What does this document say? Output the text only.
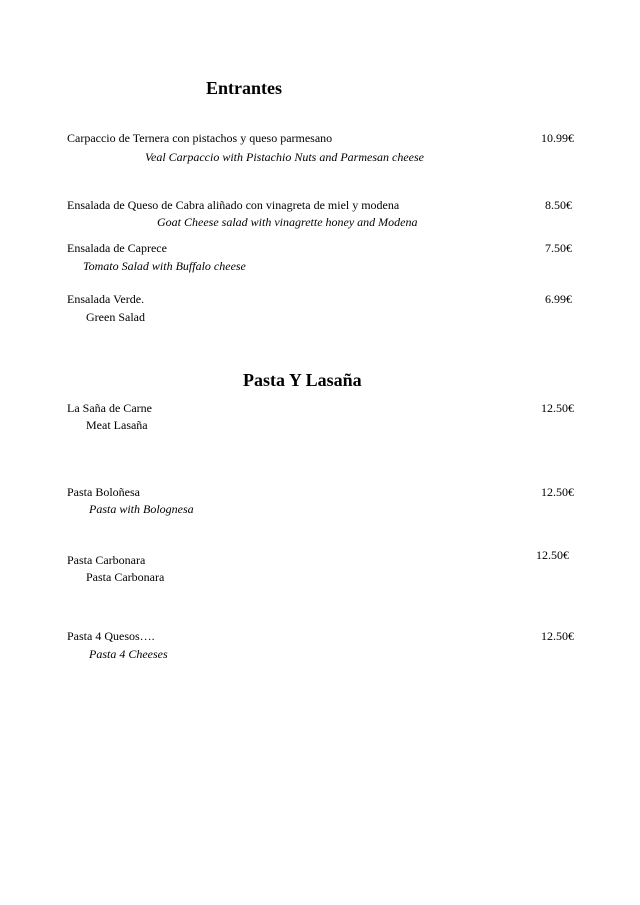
Entrantes
Carpaccio de Ternera con pistachos y queso parmesano
Veal Carpaccio with Pistachio Nuts and Parmesan cheese
10.99€
Ensalada de Queso de Cabra aliñado con vinagreta de miel y modena
Goat Cheese salad with vinagrette honey and Modena
8.50€
Ensalada de Caprece
Tomato Salad with Buffalo cheese
7.50€
Ensalada Verde.
Green Salad
6.99€
Pasta Y Lasaña
La Saña de Carne
Meat Lasaña
12.50€
Pasta Boloñesa
Pasta with Bolognesa
12.50€
Pasta Carbonara
Pasta Carbonara
12.50€
Pasta 4 Quesos….
Pasta 4 Cheeses
12.50€
